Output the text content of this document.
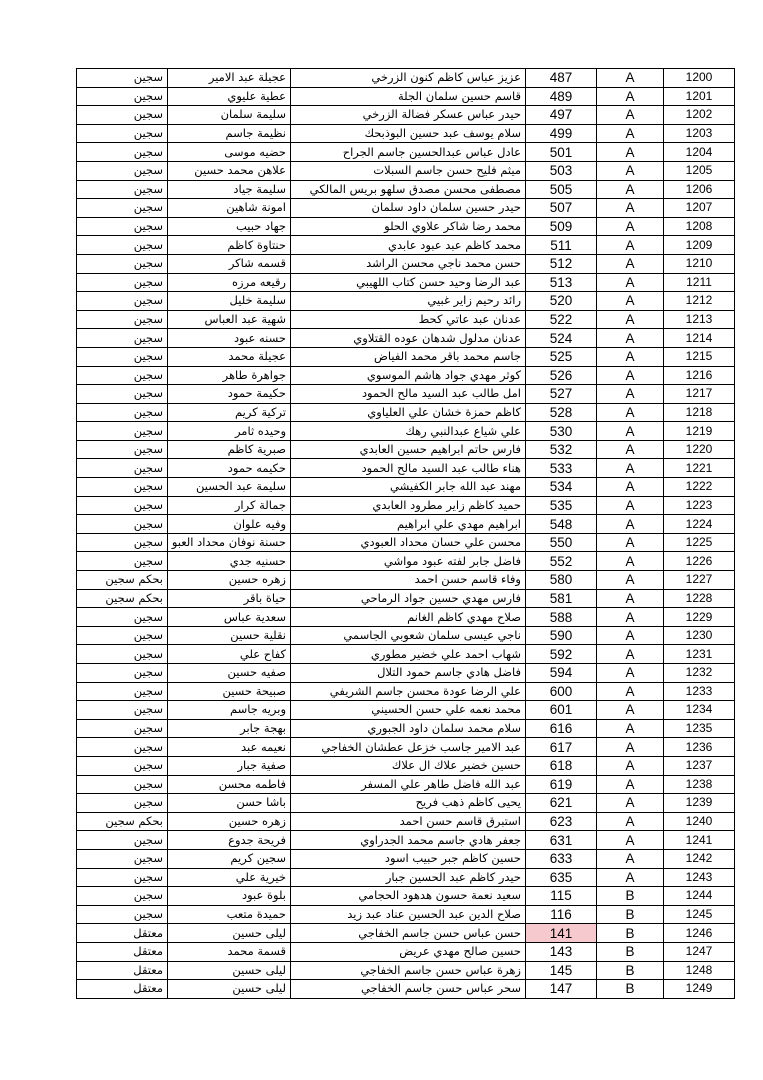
سجين	عجيلة عبد الامير	عزيز عباس كاظم كنون الزرخي	487	A	1200
سجين	عطية عليوي	قاسم حسين سلمان الجلة	489	A	1201
سجين	سليمة سلمان	حيدر عباس عسكر فضالة الزرخي	497	A	1202
سجين	نظيمة جاسم	سلام يوسف عبد حسين البوذبحك	499	A	1203
سجين	حضيه موسى	عادل عباس عبدالحسين جاسم الجراح	501	A	1204
سجين	علاهن محمد حسين	ميثم فليح حسن جاسم السبلات	503	A	1205
سجين	سليمة جياد	مصطفى محسن مصدق سلهو بريس المالكي	505	A	1206
سجين	امونة شاهين	حيدر حسين سلمان داود سلمان	507	A	1207
سجين	جهاد حبيب	محمد رضا شاكر علاوي الحلو	509	A	1208
سجين	حنتاوة كاظم	محمد كاظم عبد عبود عابدي	511	A	1209
سجين	قسمه شاكر	حسن محمد ناجي محسن الراشد	512	A	1210
سجين	رقيعه مرزه	عبد الرضا وحيد حسن كتاب اللهيبي	513	A	1211
سجين	سليمة خليل	رائد رحيم زاير غبيي	520	A	1212
سجين	شهية عبد العباس	عدنان عبد عاتي كحط	522	A	1213
سجين	حسنه عبود	عدنان مدلول شدهان عوده القتلاوي	524	A	1214
سجين	عجيلة محمد	جاسم محمد باقر محمد الفياض	525	A	1215
سجين	جواهرة طاهر	كوثر مهدي جواد هاشم الموسوي	526	A	1216
سجين	حكيمة حمود	امل طالب عبد السيد مالح الحمود	527	A	1217
سجين	تركية كريم	كاظم حمزة خشان علي العلياوي	528	A	1218
سجين	وحيده ثامر	علي شياع عبدالنبي رهك	530	A	1219
سجين	صبرية كاظم	فارس حاتم ابراهيم حسين العابدي	532	A	1220
سجين	حكيمه حمود	هناء طالب عبد السيد مالح الحمود	533	A	1221
سجين	سليمة عبد الحسين	مهند عبد الله جابر الكفيشي	534	A	1222
سجين	جمالة كرار	حميد كاظم زاير مطرود العابدي	535	A	1223
سجين	وفيه علوان	ابراهيم مهدي علي ابراهيم	548	A	1224
سجين	حسنة نوفان محداد العبو	محسن علي حسان محداد العبودي	550	A	1225
سجين	حسنيه جدي	فاضل جابر لفته عبود مواشي	552	A	1226
بحكم سجين	زهره حسين	وفاء قاسم حسن احمد	580	A	1227
بحكم سجين	حياة باقر	فارس مهدي حسين جواد الرماحي	581	A	1228
سجين	سعدية عباس	صلاح مهدي كاظم الغانم	588	A	1229
سجين	نقلية حسين	ناجي عيسى سلمان شعوبي الجاسمي	590	A	1230
سجين	كفاح علي	شهاب احمد علي خضير مطوري	592	A	1231
سجين	صفيه حسين	فاضل هادي جاسم حمود التلال	594	A	1232
سجين	صبيحة حسين	علي الرضا عودة محسن جاسم الشريفي	600	A	1233
سجين	وبريه جاسم	محمد نعمه علي حسن الحسيني	601	A	1234
سجين	بهجة جابر	سلام محمد سلمان داود الجبوري	616	A	1235
سجين	نعيمه عبد	عبد الامير جاسب خزعل عطشان الخفاجي	617	A	1236
سجين	صفية جبار	حسين خضير علاك ال علاك	618	A	1237
سجين	فاطمه محسن	عبد الله فاضل طاهر علي المسفر	619	A	1238
سجين	باشا حسن	يحيى كاظم ذهب فريح	621	A	1239
بحكم سجين	زهره حسين	استبرق قاسم حسن احمد	623	A	1240
سجين	فريحة جدوع	جعفر هادي جاسم محمد الجدراوي	631	A	1241
سجين	سجين كريم	حسين كاظم جبر حبيب اسود	633	A	1242
سجين	خيرية علي	حيدر كاظم عبد الحسين جبار	635	A	1243
سجين	بلوة عبود	سعيد نعمة حسون هدهود الحجامي	115	B	1244
سجين	حميدة متعب	صلاح الدين عبد الحسين عناد عبد زيد	116	B	1245
معتقل	ليلى حسين	حسن عباس حسن جاسم الخفاجي	141	B	1246
معتقل	قسمة محمد	حسين صالح مهدي عريض	143	B	1247
معتقل	ليلى حسين	زهرة عباس حسن جاسم الخفاجي	145	B	1248
معتقل	ليلى حسين	سحر عباس حسن جاسم الخفاجي	147	B	1249
